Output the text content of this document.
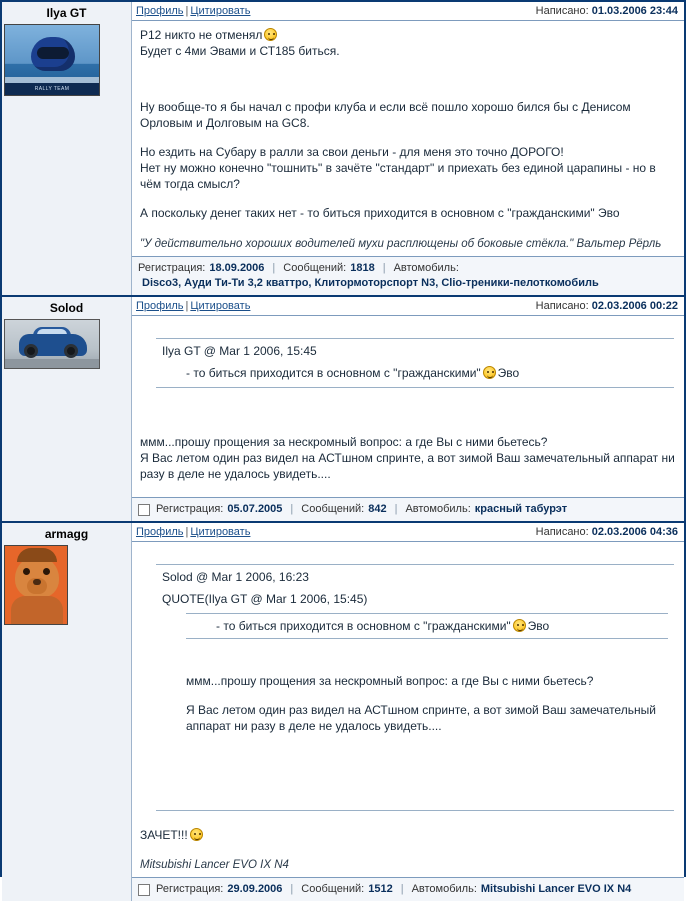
Ilya GT
RALLY TEAM
Профиль | Цитировать	Написано: 01.03.2006 23:44

Р12 никто не отменял

Будет с 4ми Эвами и СТ185 биться.

Ну вообще-то я бы начал с профи клуба и если всё пошло хорошо бился бы с Денисом Орловым и Долговым на GC8.

Но ездить на Субару в ралли за свои деньги - для меня это точно ДОРОГО!

Нет ну можно конечно "тошнить" в зачёте "стандарт" и приехать без единой царапины - но в чём тогда смысл?

А поскольку денег таких нет - то биться приходится в основном с "гражданскими" Эво

"У действительно хороших водителей мухи расплющены об боковые стёкла." Вальтер Рёрль
Регистрация: 18.09.2006 | Сообщений: 1818 | Автомобиль:
Disco3, Ауди Ти-Ти 3,2 кваттро, Клитормоторспорт N3, Clio-треники-пелоткомобиль
Solod	Профиль | Цитировать	Написано: 02.03.2006 00:22
Ilya GT @ Mar 1 2006, 15:45
- то биться приходится в основном с "гражданскими" Эво

ммм...прошу прощения за нескромный вопрос: а где Вы с ними бьетесь?

Я Вас летом один раз видел на АСТшном спринте, а вот зимой Ваш замечательный аппарат ни разу в деле не удалось увидеть....

Регистрация: 05.07.2005 | Сообщений: 842 | Автомобиль: красный табурэт
armagg	Профиль | Цитировать	Написано: 02.03.2006 04:36
Solod @ Mar 1 2006, 16:23
QUOTE(Ilya GT @ Mar 1 2006, 15:45)
- то биться приходится в основном с "гражданскими" Эво
ммм...прошу прощения за нескромный вопрос: а где Вы с ними бьетесь?
Я Вас летом один раз видел на АСТшном спринте, а вот зимой Ваш замечательный аппарат ни разу в деле не удалось увидеть....

ЗАЧЕТ!!!

Mitsubishi Lancer EVO IX N4
Регистрация: 29.09.2006 | Сообщений: 1512 | Автомобиль: Mitsubishi Lancer EVO IX N4
